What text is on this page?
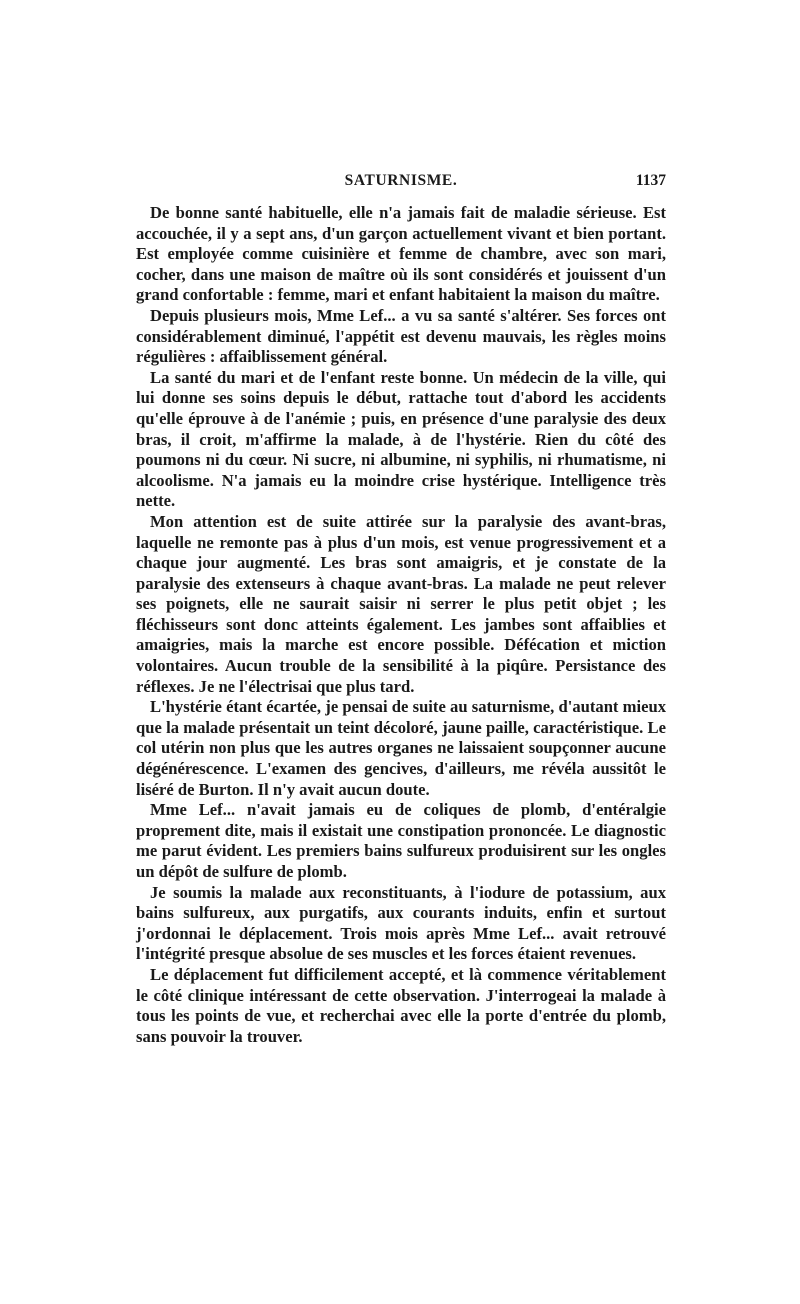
SATURNISME.	1137

De bonne santé habituelle, elle n'a jamais fait de maladie sérieuse. Est accouchée, il y a sept ans, d'un garçon actuellement vivant et bien portant. Est employée comme cuisinière et femme de chambre, avec son mari, cocher, dans une maison de maître où ils sont considérés et jouissent d'un grand confortable : femme, mari et enfant habitaient la maison du maître.

Depuis plusieurs mois, Mme Lef... a vu sa santé s'altérer. Ses forces ont considérablement diminué, l'appétit est devenu mauvais, les règles moins régulières : affaiblissement général.

La santé du mari et de l'enfant reste bonne. Un médecin de la ville, qui lui donne ses soins depuis le début, rattache tout d'abord les accidents qu'elle éprouve à de l'anémie ; puis, en présence d'une paralysie des deux bras, il croit, m'affirme la malade, à de l'hystérie. Rien du côté des poumons ni du cœur. Ni sucre, ni albumine, ni syphilis, ni rhumatisme, ni alcoolisme. N'a jamais eu la moindre crise hystérique. Intelligence très nette.

Mon attention est de suite attirée sur la paralysie des avant-bras, laquelle ne remonte pas à plus d'un mois, est venue progressivement et a chaque jour augmenté. Les bras sont amaigris, et je constate de la paralysie des extenseurs à chaque avant-bras. La malade ne peut relever ses poignets, elle ne saurait saisir ni serrer le plus petit objet ; les fléchisseurs sont donc atteints également. Les jambes sont affaiblies et amaigries, mais la marche est encore possible. Défécation et miction volontaires. Aucun trouble de la sensibilité à la piqûre. Persistance des réflexes. Je ne l'électrisai que plus tard.

L'hystérie étant écartée, je pensai de suite au saturnisme, d'autant mieux que la malade présentait un teint décoloré, jaune paille, caractéristique. Le col utérin non plus que les autres organes ne laissaient soupçonner aucune dégénérescence. L'examen des gencives, d'ailleurs, me révéla aussitôt le liséré de Burton. Il n'y avait aucun doute.

Mme Lef... n'avait jamais eu de coliques de plomb, d'entéralgie proprement dite, mais il existait une constipation prononcée. Le diagnostic me parut évident. Les premiers bains sulfureux produisirent sur les ongles un dépôt de sulfure de plomb.

Je soumis la malade aux reconstituants, à l'iodure de potassium, aux bains sulfureux, aux purgatifs, aux courants induits, enfin et surtout j'ordonnai le déplacement. Trois mois après Mme Lef... avait retrouvé l'intégrité presque absolue de ses muscles et les forces étaient revenues.

Le déplacement fut difficilement accepté, et là commence véritablement le côté clinique intéressant de cette observation. J'interrogeai la malade à tous les points de vue, et recherchai avec elle la porte d'entrée du plomb, sans pouvoir la trouver.
